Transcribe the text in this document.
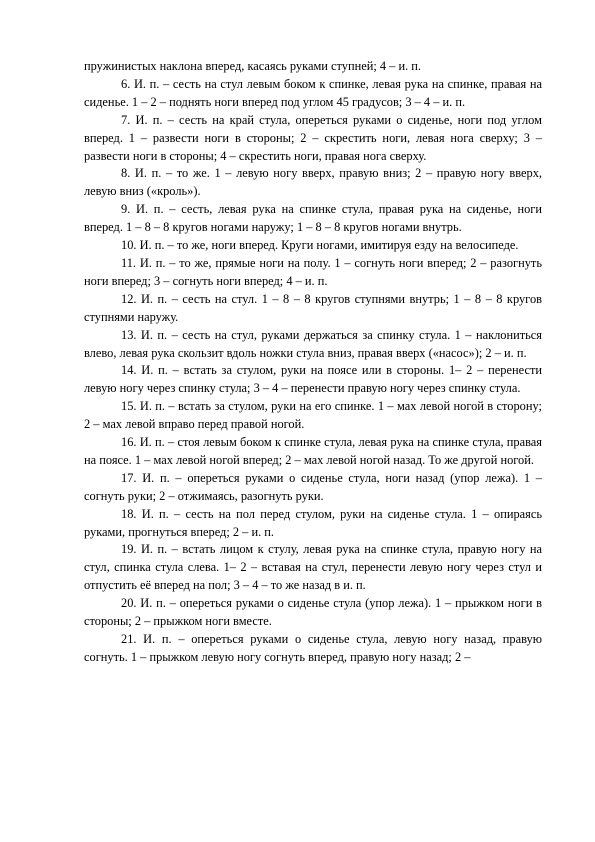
пружинистых наклона вперед, касаясь руками ступней; 4 – и. п.

6. И. п. – сесть на стул левым боком к спинке, левая рука на спинке, правая на сиденье. 1 – 2 – поднять ноги вперед под углом 45 градусов; 3 – 4 – и. п.

7. И. п. – сесть на край стула, опереться руками о сиденье, ноги под углом вперед. 1 – развести ноги в стороны; 2 – скрестить ноги, левая нога сверху; 3 – развести ноги в стороны; 4 – скрестить ноги, правая нога сверху.

8. И. п. – то же. 1 – левую ногу вверх, правую вниз; 2 – правую ногу вверх, левую вниз («кроль»).

9. И. п. – сесть, левая рука на спинке стула, правая рука на сиденье, ноги вперед. 1 – 8 – 8 кругов ногами наружу; 1 – 8 – 8 кругов ногами внутрь.

10. И. п. – то же, ноги вперед. Круги ногами, имитируя езду на велосипеде.

11. И. п. – то же, прямые ноги на полу. 1 – согнуть ноги вперед; 2 – разогнуть ноги вперед; 3 – согнуть ноги вперед; 4 – и. п.

12. И. п. – сесть на стул. 1 – 8 – 8 кругов ступнями внутрь; 1 – 8 – 8 кругов ступнями наружу.

13. И. п. – сесть на стул, руками держаться за спинку стула. 1 – наклониться влево, левая рука скользит вдоль ножки стула вниз, правая вверх («насос»); 2 – и. п.

14. И. п. – встать за стулом, руки на поясе или в стороны. 1– 2 – перенести левую ногу через спинку стула; 3 – 4 – перенести правую ногу через спинку стула.

15. И. п. – встать за стулом, руки на его спинке. 1 – мах левой ногой в сторону; 2 – мах левой вправо перед правой ногой.

16. И. п. – стоя левым боком к спинке стула, левая рука на спинке стула, правая на поясе. 1 – мах левой ногой вперед; 2 – мах левой ногой назад. То же другой ногой.

17. И. п. – опереться руками о сиденье стула, ноги назад (упор лежа). 1 – согнуть руки; 2 – отжимаясь, разогнуть руки.

18. И. п. – сесть на пол перед стулом, руки на сиденье стула. 1 – опираясь руками, прогнуться вперед; 2 – и. п.

19. И. п. – встать лицом к стулу, левая рука на спинке стула, правую ногу на стул, спинка стула слева. 1– 2 – вставая на стул, перенести левую ногу через стул и отпустить её вперед на пол; 3 – 4 – то же назад в и. п.

20. И. п. – опереться руками о сиденье стула (упор лежа). 1 – прыжком ноги в стороны; 2 – прыжком ноги вместе.

21. И. п. – опереться руками о сиденье стула, левую ногу назад, правую согнуть. 1 – прыжком левую ногу согнуть вперед, правую ногу назад; 2 –
